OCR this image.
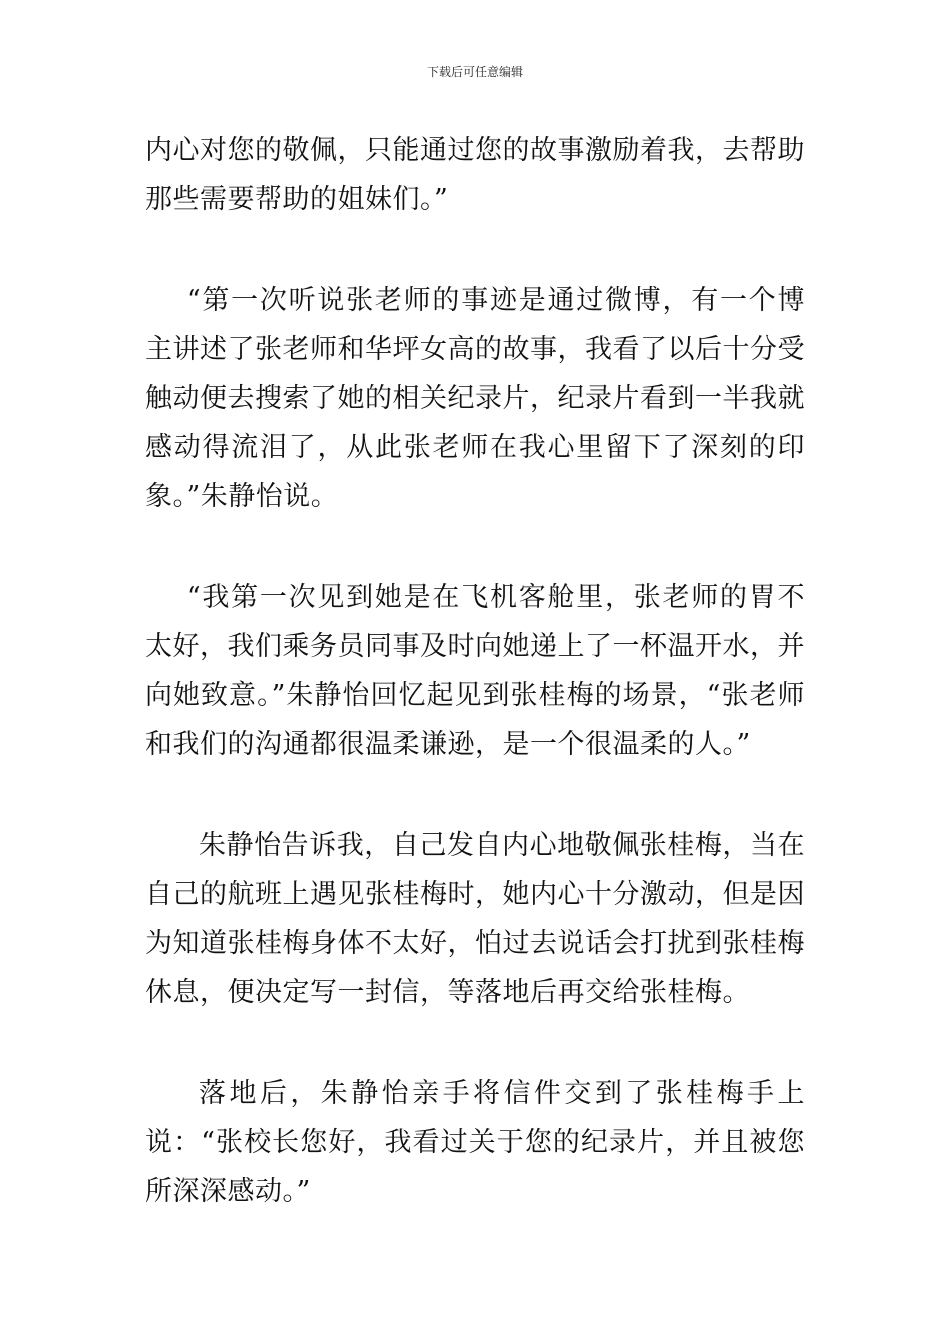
下载后可任意编辑

内心对您的敬佩，只能通过您的故事激励着我，去帮助那些需要帮助的姐妹们。”

“第一次听说张老师的事迹是通过微博，有一个博主讲述了张老师和华坪女高的故事，我看了以后十分受触动便去搜索了她的相关纪录片，纪录片看到一半我就感动得流泪了，从此张老师在我心里留下了深刻的印象。”朱静怡说。

“我第一次见到她是在飞机客舱里，张老师的胃不太好，我们乘务员同事及时向她递上了一杯温开水，并向她致意。”朱静怡回忆起见到张桂梅的场景，“张老师和我们的沟通都很温柔谦逊，是一个很温柔的人。”

朱静怡告诉我，自己发自内心地敬佩张桂梅，当在自己的航班上遇见张桂梅时，她内心十分激动，但是因为知道张桂梅身体不太好，怕过去说话会打扰到张桂梅休息，便决定写一封信，等落地后再交给张桂梅。

落地后，朱静怡亲手将信件交到了张桂梅手上说：“张校长您好，我看过关于您的纪录片，并且被您所深深感动。”
